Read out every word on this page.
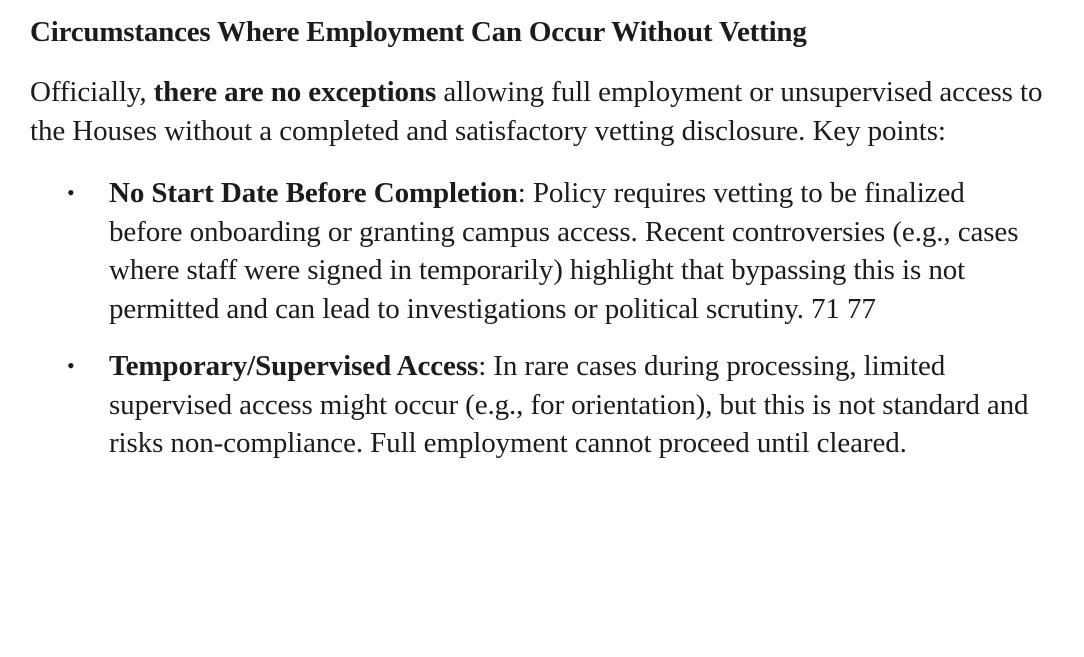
Circumstances Where Employment Can Occur Without Vetting

Officially, there are no exceptions allowing full employment or unsupervised access to the Houses without a completed and satisfactory vetting disclosure. Key points:

• No Start Date Before Completion: Policy requires vetting to be finalized before onboarding or granting campus access. Recent controversies (e.g., cases where staff were signed in temporarily) highlight that bypassing this is not permitted and can lead to investigations or political scrutiny. 71 77
• Temporary/Supervised Access: In rare cases during processing, limited supervised access might occur (e.g., for orientation), but this is not standard and risks non-compliance. Full employment cannot proceed until cleared.
